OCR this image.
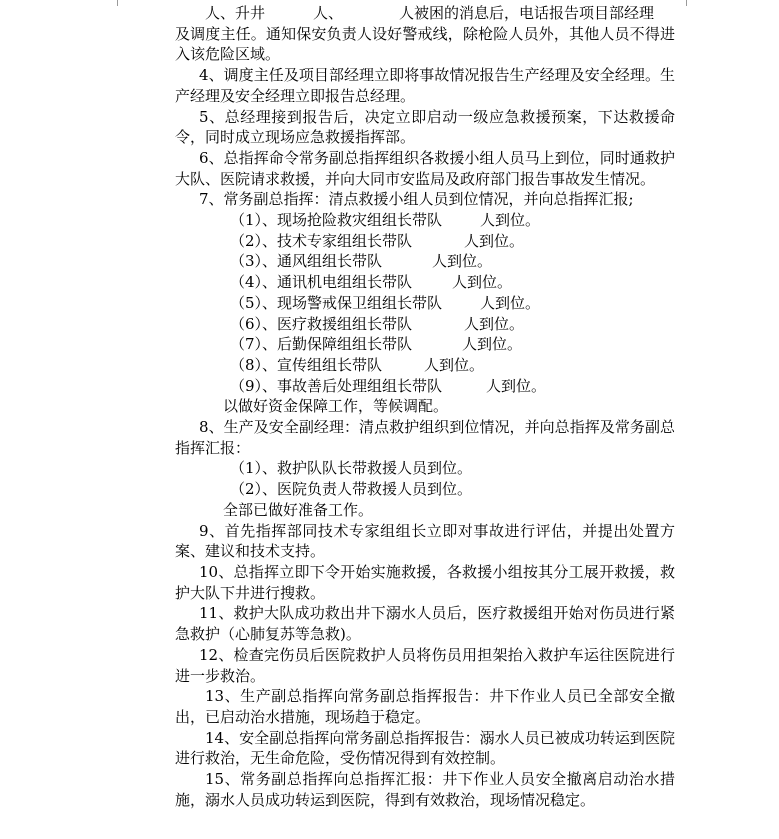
人、升井	人、	人被困的消息后，电话报告项目部经理

及调度主任。通知保安负责人设好警戒线，除枪险人员外，其他人员不得进入该危险区域。

4、调度主任及项目部经理立即将事故情况报告生产经理及安全经理。生产经理及安全经理立即报告总经理。

5、总经理接到报告后，决定立即启动一级应急救援预案，下达救援命令，同时成立现场应急救援指挥部。

6、总指挥命令常务副总指挥组织各救援小组人员马上到位，同时通救护大队、医院请求救援，并向大同市安监局及政府部门报告事故发生情况。

7、常务副总指挥：清点救援小组人员到位情况，并向总指挥汇报;

（1）、现场抢险救灾组组长带队	人到位。

（2）、技术专家组组长带队	人到位。

（3）、通风组组长带队	人到位。

（4）、通讯机电组组长带队	人到位。

（5）、现场警戒保卫组组长带队	人到位。

（6）、医疗救援组组长带队	人到位。

（7）、后勤保障组组长带队	人到位。

（8）、宣传组组长带队	人到位。

（9）、事故善后处理组组长带队	人到位。

以做好资金保障工作，等候调配。

8、生产及安全副经理：清点救护组织到位情况，并向总指挥及常务副总指挥汇报：

（1）、救护队队长带救援人员到位。

（2）、医院负责人带救援人员到位。

全部已做好准备工作。

9、首先指挥部同技术专家组组长立即对事故进行评估，并提出处置方案、建议和技术支持。

10、总指挥立即下令开始实施救援，各救援小组按其分工展开救援，救护大队下井进行搜救。

11、救护大队成功救出井下溺水人员后，医疗救援组开始对伤员进行紧急救护（心肺复苏等急救)。

12、检查完伤员后医院救护人员将伤员用担架抬入救护车运往医院进行进一步救治。

13、生产副总指挥向常务副总指挥报告：井下作业人员已全部安全撤出，已启动治水措施，现场趋于稳定。

14、安全副总指挥向常务副总指挥报告：溺水人员已被成功转运到医院进行救治，无生命危险，受伤情况得到有效控制。

15、常务副总指挥向总指挥汇报：井下作业人员安全撤离启动治水措施，溺水人员成功转运到医院，得到有效救治，现场情况稳定。
